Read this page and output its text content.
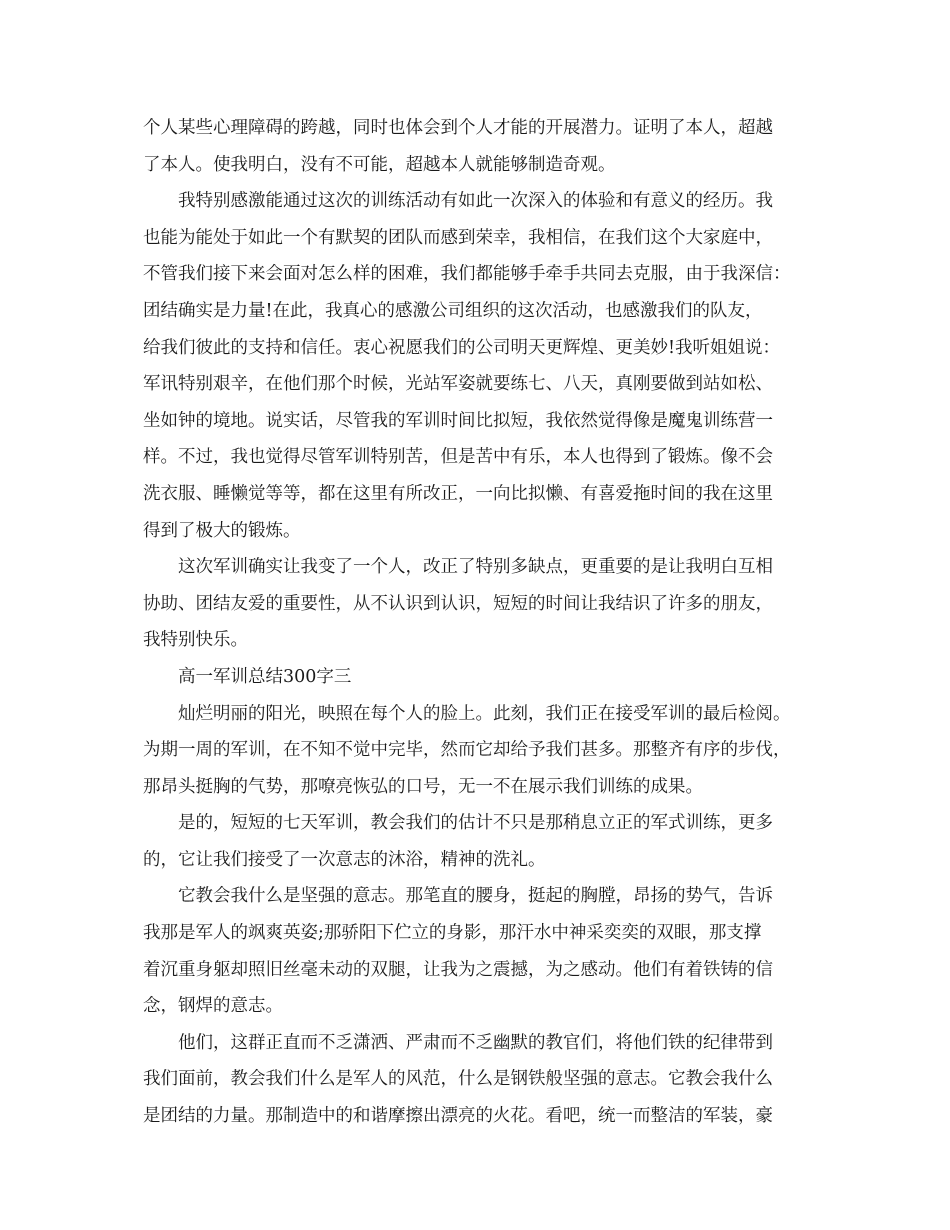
个人某些心理障碍的跨越，同时也体会到个人才能的开展潜力。证明了本人，超越
了本人。使我明白，没有不可能，超越本人就能够制造奇观。
我特别感激能通过这次的训练活动有如此一次深入的体验和有意义的经历。我
也能为能处于如此一个有默契的团队而感到荣幸，我相信，在我们这个大家庭中，
不管我们接下来会面对怎么样的困难，我们都能够手牵手共同去克服，由于我深信：
团结确实是力量!在此，我真心的感激公司组织的这次活动，也感激我们的队友，
给我们彼此的支持和信任。衷心祝愿我们的公司明天更辉煌、更美妙!我听姐姐说：
军讯特别艰辛，在他们那个时候，光站军姿就要练七、八天，真刚要做到站如松、
坐如钟的境地。说实话，尽管我的军训时间比拟短，我依然觉得像是魔鬼训练营一
样。不过，我也觉得尽管军训特别苦，但是苦中有乐，本人也得到了锻炼。像不会
洗衣服、睡懒觉等等，都在这里有所改正，一向比拟懒、有喜爱拖时间的我在这里
得到了极大的锻炼。
这次军训确实让我变了一个人，改正了特别多缺点，更重要的是让我明白互相
协助、团结友爱的重要性，从不认识到认识，短短的时间让我结识了许多的朋友，
我特别快乐。
高一军训总结300字三
灿烂明丽的阳光，映照在每个人的脸上。此刻，我们正在接受军训的最后检阅。
为期一周的军训，在不知不觉中完毕，然而它却给予我们甚多。那整齐有序的步伐，
那昂头挺胸的气势，那嘹亮恢弘的口号，无一不在展示我们训练的成果。
是的，短短的七天军训，教会我们的估计不只是那稍息立正的军式训练，更多
的，它让我们接受了一次意志的沐浴，精神的洗礼。
它教会我什么是坚强的意志。那笔直的腰身，挺起的胸膛，昂扬的势气，告诉
我那是军人的飒爽英姿;那骄阳下伫立的身影，那汗水中神采奕奕的双眼，那支撑
着沉重身躯却照旧丝毫未动的双腿，让我为之震撼，为之感动。他们有着铁铸的信
念，钢焊的意志。
他们，这群正直而不乏潇洒、严肃而不乏幽默的教官们，将他们铁的纪律带到
我们面前，教会我们什么是军人的风范，什么是钢铁般坚强的意志。它教会我什么
是团结的力量。那制造中的和谐摩擦出漂亮的火花。看吧，统一而整洁的军装，豪
